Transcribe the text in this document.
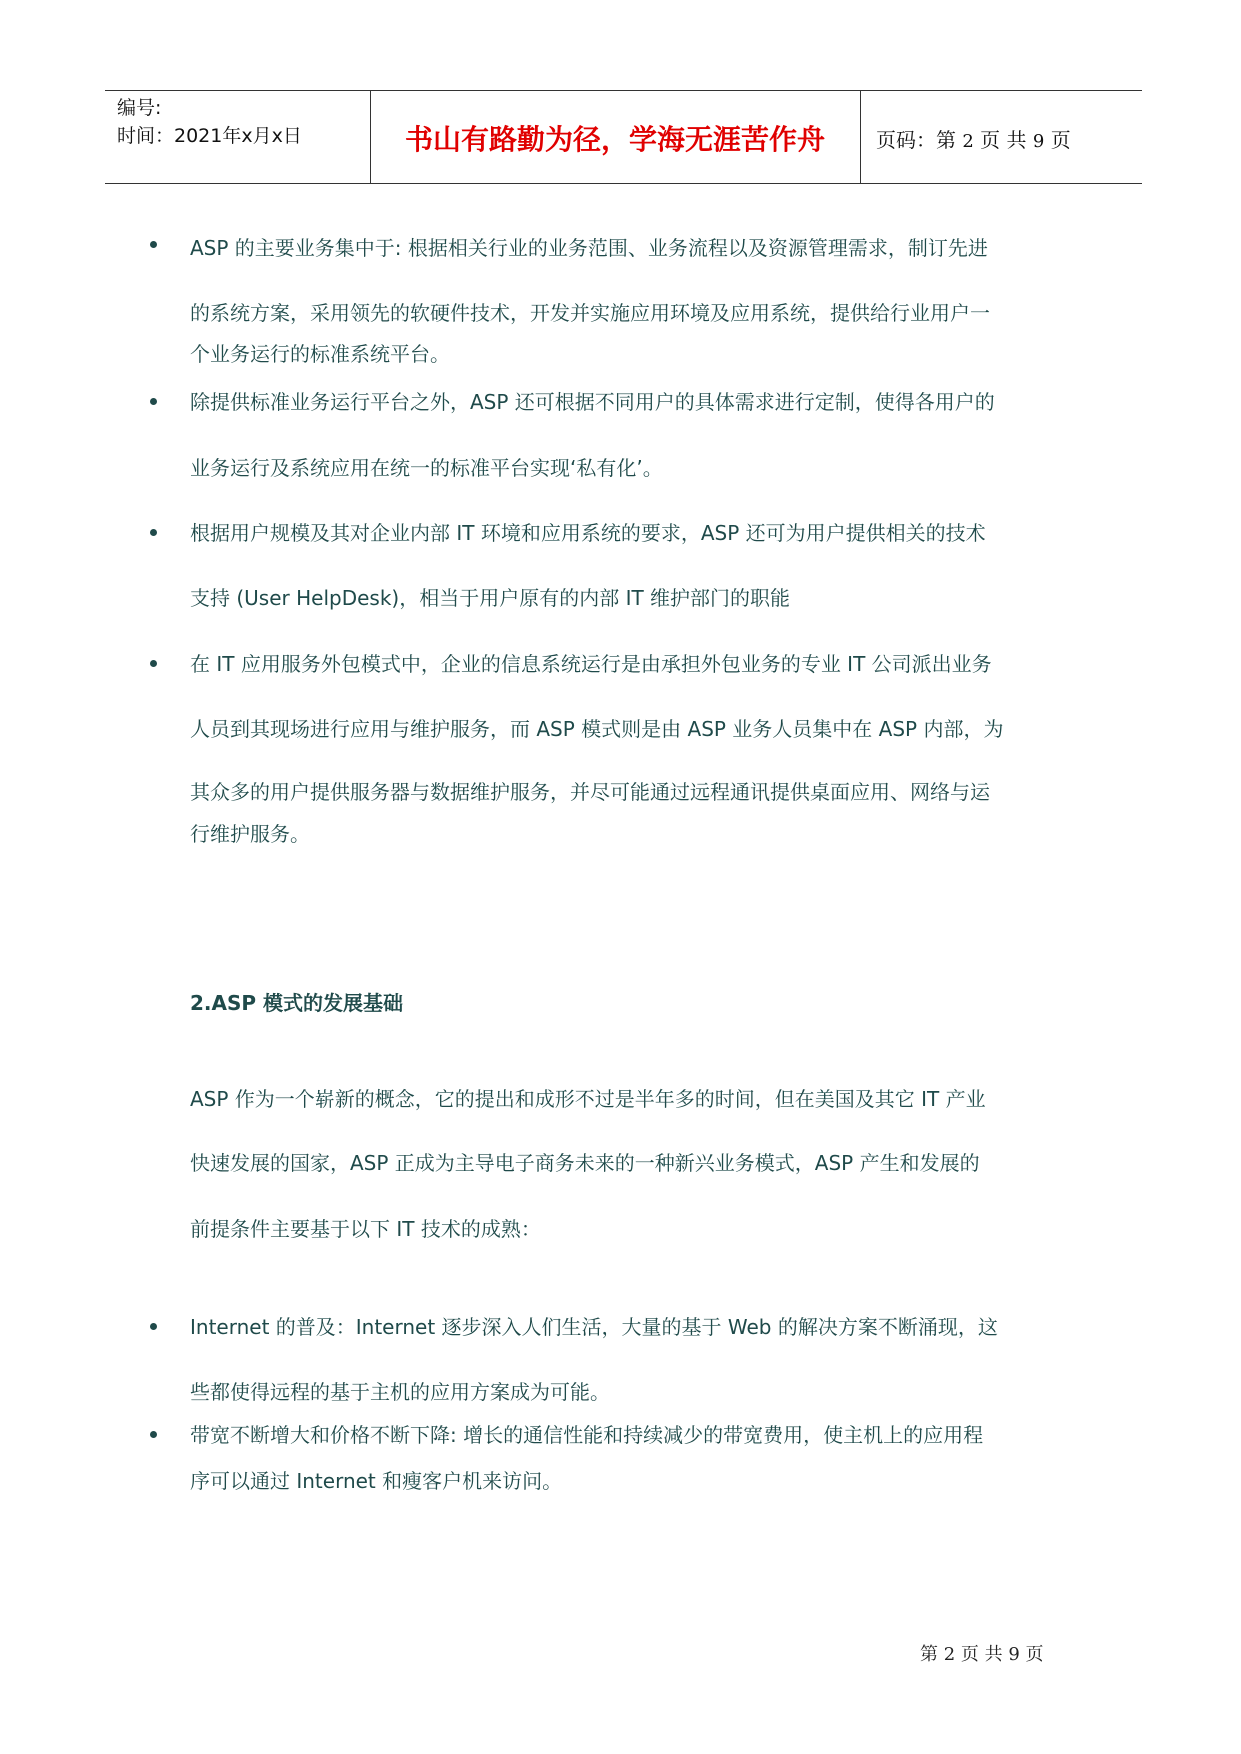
编号:
时间：2021年x月x日	书山有路勤为径，学海无涯苦作舟	页码：第 2 页 共 9 页
ASP 的主要业务集中于: 根据相关行业的业务范围、业务流程以及资源管理需求，制订先进
的系统方案，采用领先的软硬件技术，开发并实施应用环境及应用系统，提供给行业用户一
个业务运行的标准系统平台。
除提供标准业务运行平台之外，ASP 还可根据不同用户的具体需求进行定制，使得各用户的
业务运行及系统应用在统一的标准平台实现‘私有化’。
根据用户规模及其对企业内部 IT 环境和应用系统的要求，ASP 还可为用户提供相关的技术
支持 (User HelpDesk)，相当于用户原有的内部 IT 维护部门的职能
在 IT 应用服务外包模式中，企业的信息系统运行是由承担外包业务的专业 IT 公司派出业务
人员到其现场进行应用与维护服务，而 ASP 模式则是由 ASP 业务人员集中在 ASP 内部，为
其众多的用户提供服务器与数据维护服务，并尽可能通过远程通讯提供桌面应用、网络与运
行维护服务。
2.ASP 模式的发展基础
ASP 作为一个崭新的概念，它的提出和成形不过是半年多的时间，但在美国及其它 IT 产业
快速发展的国家，ASP 正成为主导电子商务未来的一种新兴业务模式，ASP 产生和发展的
前提条件主要基于以下 IT 技术的成熟：
Internet 的普及：Internet 逐步深入人们生活，大量的基于 Web 的解决方案不断涌现，这
些都使得远程的基于主机的应用方案成为可能。
带宽不断增大和价格不断下降: 增长的通信性能和持续减少的带宽费用，使主机上的应用程
序可以通过 Internet 和瘦客户机来访问。
第 2 页 共 9 页
